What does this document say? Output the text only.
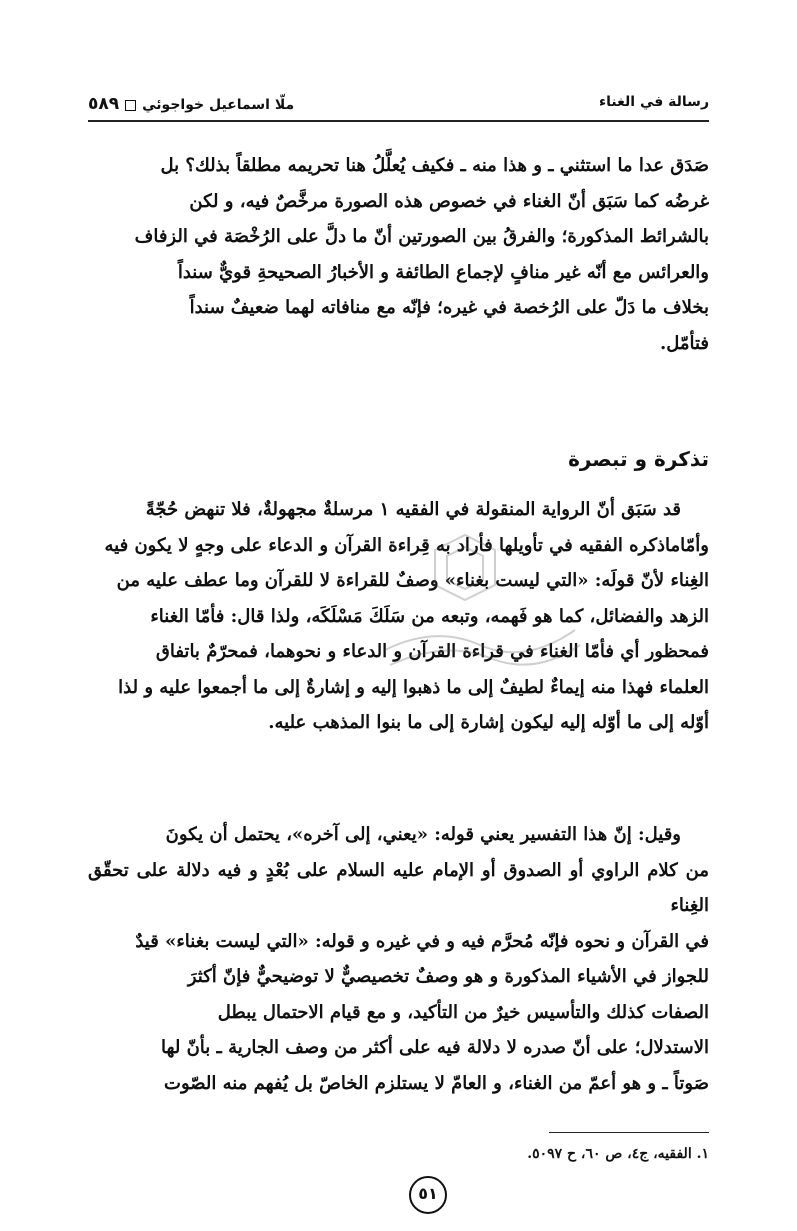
رسالة في الغناء
ملّا اسماعيل خواجوئي٥٨٩

صَدَق عدا ما استثني ـ و هذا منه ـ فكيف يُعلَّلُ هنا تحريمه مطلقاً بذلك؟ بل

غرضُه كما سَبَق أنّ الغناء في خصوص هذه الصورة مرخَّصٌ فيه، و لكن

بالشرائط المذكورة؛ والفرقُ بين الصورتين أنّ ما دلَّ على الرُخْصَة في الزفاف

والعرائس مع أنّه غير منافٍ لإجماع الطائفة و الأخبارُ الصحيحةِ قويٌّ سنداً

بخلاف ما دَلّ على الرُخصة في غيره؛ فإنّه مع منافاته لهما ضعيفٌ سنداً

فتأمّل.

تذكرة و تبصرة

قد سَبَق أنّ الرواية المنقولة في الفقيه ١ مرسلةٌ مجهولةٌ، فلا تنهض حُجّةً

وأمّاماذكره الفقيه في تأويلها فأراد به قِراءة القرآن و الدعاء على وجهٍ لا يكون فيه

الغِناء لأنّ قولَه: «التي ليست بغناء» وصفٌ للقراءة لا للقرآن وما عطف عليه من

الزهد والفضائل، كما هو فَهمه، وتبعه من سَلَكَ مَسْلَكَه، ولذا قال: فأمّا الغناء

فمحظور أي فأمّا الغناء في قراءة القرآن و الدعاء و نحوهما، فمحرّمٌ باتفاق

العلماء فهذا منه إيماءٌ لطيفٌ إلى ما ذهبوا إليه و إشارةٌ إلى ما أجمعوا عليه و لذا

أوّله إلى ما أوّله إليه ليكون إشارة إلى ما بنوا المذهب عليه.

وقيل: إنّ هذا التفسير يعني قوله: «يعني، إلى آخره»، يحتمل أن يكونَ

من كلام الراوي أو الصدوق أو الإمام عليه السلام على بُعْدٍ و فيه دلالة على تحقّق الغِناء

في القرآن و نحوه فإنّه مُحرَّم فيه و في غيره و قوله: «التي ليست بغناء» قيدٌ

للجواز في الأشياء المذكورة و هو وصفٌ تخصيصيٌّ لا توضيحيٌّ فإنّ أكثرَ

الصفات كذلك والتأسيس خيرٌ من التأكيد، و مع قيام الاحتمال يبطل

الاستدلال؛ على أنّ صدره لا دلالة فيه على أكثر من وصف الجارية ـ بأنّ لها

صَوتاً ـ و هو أعمّ من الغناء، و العامّ لا يستلزم الخاصّ بل يُفهم منه الصّوت

١. الفقيه، ج٤، ص ٦٠، ح ٥٠٩٧.
٥١
